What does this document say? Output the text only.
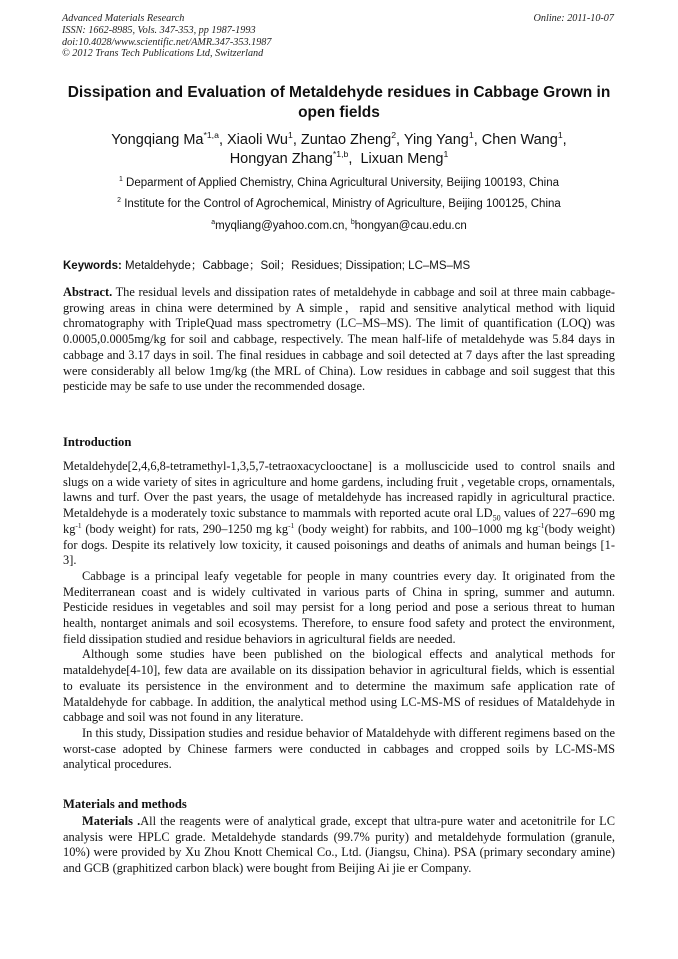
Advanced Materials Research
ISSN: 1662-8985, Vols. 347-353, pp 1987-1993
doi:10.4028/www.scientific.net/AMR.347-353.1987
© 2012 Trans Tech Publications Ltd, Switzerland
Online: 2011-10-07
Dissipation and Evaluation of Metaldehyde residues in Cabbage Grown in open fields
Yongqiang Ma$^{*1,a}$, Xiaoli Wu$^1$, Zuntao Zheng$^2$, Ying Yang$^1$, Chen Wang$^1$,
Hongyan Zhang$^{*1,b}$,  Lixuan Meng$^1$
$^1$ Deparment of Applied Chemistry, China Agricultural University, Beijing 100193, China
$^2$ Institute for the Control of Agrochemical, Ministry of Agriculture, Beijing 100125, China
$^a$myqliang@yahoo.com.cn, $^b$hongyan@cau.edu.cn
Keywords: Metaldehyde；Cabbage；Soil；Residues; Dissipation; LC–MS–MS

Abstract. The residual levels and dissipation rates of metaldehyde in cabbage and soil at three main cabbage-growing areas in china were determined by A simple，rapid and sensitive analytical method with liquid chromatography with TripleQuad mass spectrometry (LC–MS–MS). The limit of quantification (LOQ) was 0.0005,0.0005mg/kg for soil and cabbage, respectively. The mean half-life of metaldehyde was 5.84 days in cabbage and 3.17 days in soil. The final residues in cabbage and soil detected at 7 days after the last spreading were considerably all below 1mg/kg (the MRL of China). Low residues in cabbage and soil suggest that this pesticide may be safe to use under the recommended dosage.

Introduction

Metaldehyde[2,4,6,8-tetramethyl-1,3,5,7-tetraoxacyclooctane] is a molluscicide used to control snails and slugs on a wide variety of sites in agriculture and home gardens, including fruit , vegetable crops, ornamentals, lawns and turf. Over the past years, the usage of metaldehyde has increased rapidly in agricultural practice. Metaldehyde is a moderately toxic substance to mammals with reported acute oral $LD_{50}$ values of 227–690 mg $kg^{-1}$ (body weight) for rats, 290–1250 mg $kg^{-1}$ (body weight) for rabbits, and 100–1000 mg $kg^{-1}(body$ weight) for dogs. Despite its relatively low toxicity, it caused poisonings and deaths of animals and human beings [1-3].

Cabbage is a principal leafy vegetable for people in many countries every day. It originated from the Mediterranean coast and is widely cultivated in various parts of China in spring, summer and autumn. Pesticide residues in vegetables and soil may persist for a long period and pose a serious threat to human health, nontarget animals and soil ecosystems. Therefore, to ensure food safety and protect the environment, field dissipation studied and residue behaviors in agricultural fields are needed.

Although some studies have been published on the biological effects and analytical methods for mataldehyde[4-10], few data are available on its dissipation behavior in agricultural fields, which is essential to evaluate its persistence in the environment and to determine the maximum safe application rate of Mataldehyde for cabbage. In addition, the analytical method using LC-MS-MS of residues of Mataldehyde in cabbage and soil was not found in any literature.

In this study, Dissipation studies and residue behavior of Mataldehyde with different regimens based on the worst-case adopted by Chinese farmers were conducted in cabbages and cropped soils by LC-MS-MS analytical procedures.

Materials and methods

Materials .All the reagents were of analytical grade, except that ultra-pure water and acetonitrile for LC analysis were HPLC grade. Metaldehyde standards (99.7% purity) and metaldehyde formulation (granule, 10%) were provided by Xu Zhou Knott Chemical Co., Ltd. (Jiangsu, China). PSA (primary secondary amine) and GCB (graphitized carbon black) were bought from Beijing Ai jie er Company.
